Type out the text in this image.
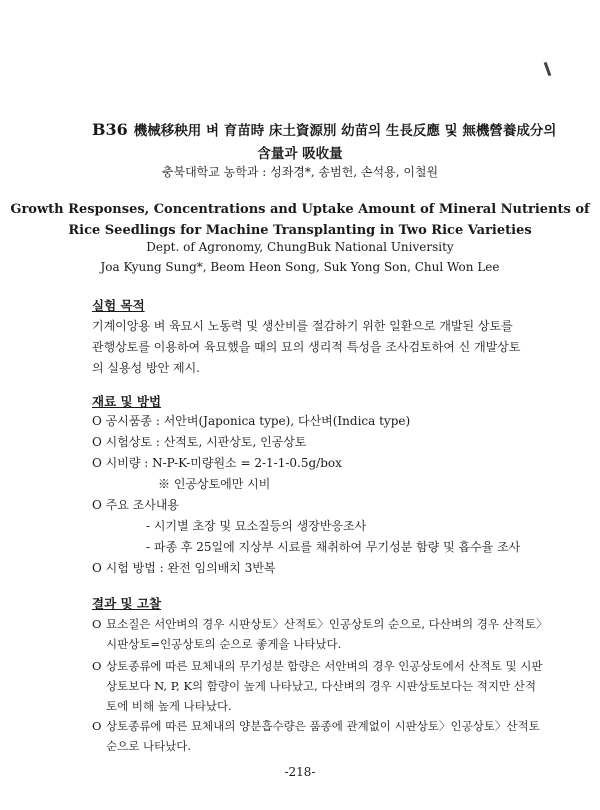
B36 機械移秧用 벼 育苗時 床土資源別 幼苗의 生長反應 및 無機營養成分의
含量과 吸收量
충북대학교 농학과 : 성좌경*, 송범헌, 손석용, 이철원
Growth Responses, Concentrations and Uptake Amount of Mineral Nutrients of
Rice Seedlings for Machine Transplanting in Two Rice Varieties
Dept. of Agronomy, ChungBuk National University
Joa Kyung Sung*, Beom Heon Song, Suk Yong Son, Chul Won Lee
실험 목적
기계이앙용 벼 육묘시 노동력 및 생산비를 절감하기 위한 일환으로 개발된 상토를
관행상토를 이용하여 육묘했을 때의 묘의 생리적 특성을 조사검토하여 신 개발상토
의 실용성 방안 제시.
재료 및 방법
O 공시품종 : 서안벼(Japonica type), 다산벼(Indica type)
O 시험상토 : 산적토, 시판상토, 인공상토
O 시비량 : N-P-K-미량원소 = 2-1-1-0.5g/box
※ 인공상토에만 시비
O 주요 조사내용
- 시기별 초장 및 묘소질등의 생장반응조사
- 파종 후 25일에 지상부 시료를 채취하여 무기성분 함량 및 흡수율 조사
O 시험 방법 : 완전 임의배치 3반복
결과 및 고찰
O 묘소질은 서안벼의 경우 시판상토〉산적토〉인공상토의 순으로, 다산벼의 경우 산적토〉시판상토=인공상토의 순으로 좋게을 나타났다.
O 상토종류에 따른 묘체내의 무기성분 함량은 서안벼의 경우 인공상토에서 산적토 및 시판상토보다 N, P, K의 함량이 높게 나타났고, 다산벼의 경우 시판상토보다는 적지만 산적토에 비해 높게 나타났다.
O 상토종류에 따른 묘체내의 양분흡수량은 품종에 관계없이 시판상토〉인공상토〉산적토 순으로 나타났다.
-218-
